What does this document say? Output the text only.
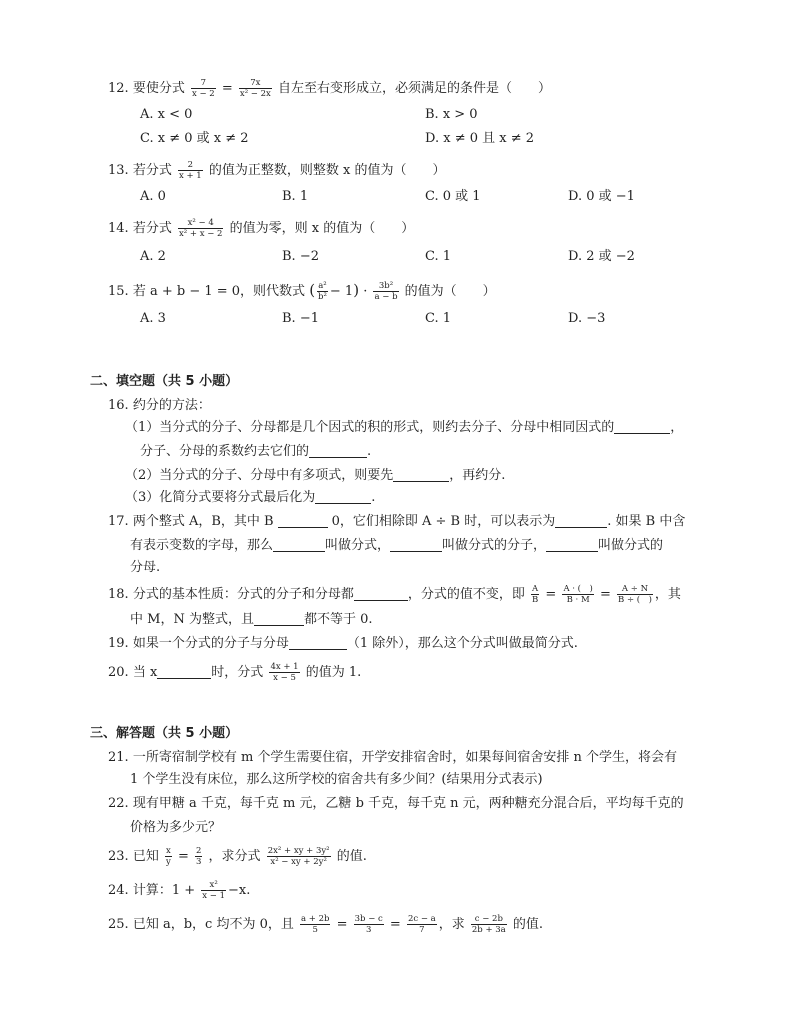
12. 要使分式 $\frac{7}{x - 2} = \frac{7x}{\text{x² − 2x}}$ 自左至右变形成立，必须满足的条件是（　　）
A. x < 0	B. x > 0
C. x ≠ 0 或 x ≠ 2	D. x ≠ 0 且 x ≠ 2
13. 若分式 $\frac{2}{x + 1}$ 的值为正整数，则整数 x 的值为（　　）
A. 0	B. 1	C. 0 或 1	D. 0 或 −1
14. 若分式 $\frac{\text{x² − 4}}{\text{x² + x − 2}}$ 的值为零，则 x 的值为（　　）
A. 2	B. −2	C. 1	D. 2 或 −2
15. 若 a + b − 1 = 0，则代数式 ( $\frac{\text{a²}}{\text{b²}} - 1) \cdot \frac{\text{3b²}}{a - b}$ 的值为（　　）
A. 3	B. −1	C. 1	D. −3
二、填空题（共 5 小题）
16. 约分的方法：
（1）当分式的分子、分母都是几个因式的积的形式，则约去分子、分母中相同因式的	，
分子、分母的系数约去它们的	.
（2）当分式的分子、分母中有多项式，则要先	，再约分.
（3）化简分式要将分式最后化为	.
17. 两个整式 A，B，其中 B	0，它们相除即 A ÷ B 时，可以表示为	. 如果 B 中含
有表示变数的字母，那么	叫做分式，	叫做分式的分子，	叫做分式的
分母.
18. 分式的基本性质：分式的分子和分母都	，分式的值不变，即 $\frac{A}{B} = \frac{A \cdot ( )}{B \cdot M} = \frac{A \div N}{B \div ( )}$ ，其
中 M，N 为整式，且	都不等于 0.
19. 如果一个分式的分子与分母	（1 除外），那么这个分式叫做最简分式.
20. 当 x	时，分式 $\frac{4x + 1}{x - 5}$ 的值为 1.
三、解答题（共 5 小题）
21. 一所寄宿制学校有 m 个学生需要住宿，开学安排宿舍时，如果每间宿舍安排 n 个学生，将会有
1 个学生没有床位，那么这所学校的宿舍共有多少间？(结果用分式表示)
22. 现有甲糖 a 千克，每千克 m 元，乙糖 b 千克，每千克 n 元，两种糖充分混合后，平均每千克的
价格为多少元？
23. 已知 $\frac{x}{y} = \frac{2}{3}$ ，求分式 $\frac{\text{2x² + xy + 3y²}}{\text{x² − xy + 2y²}}$ 的值.
24. 计算：$1 + \frac{\text{x²}}{x - 1} -x$.
25. 已知 a，b，c 均不为 0，且 $\frac{a + 2b}{5} = \frac{3b - c}{3} = \frac{2c - a}{7}$ ，求 $\frac{c - 2b}{2b + 3a}$ 的值.
